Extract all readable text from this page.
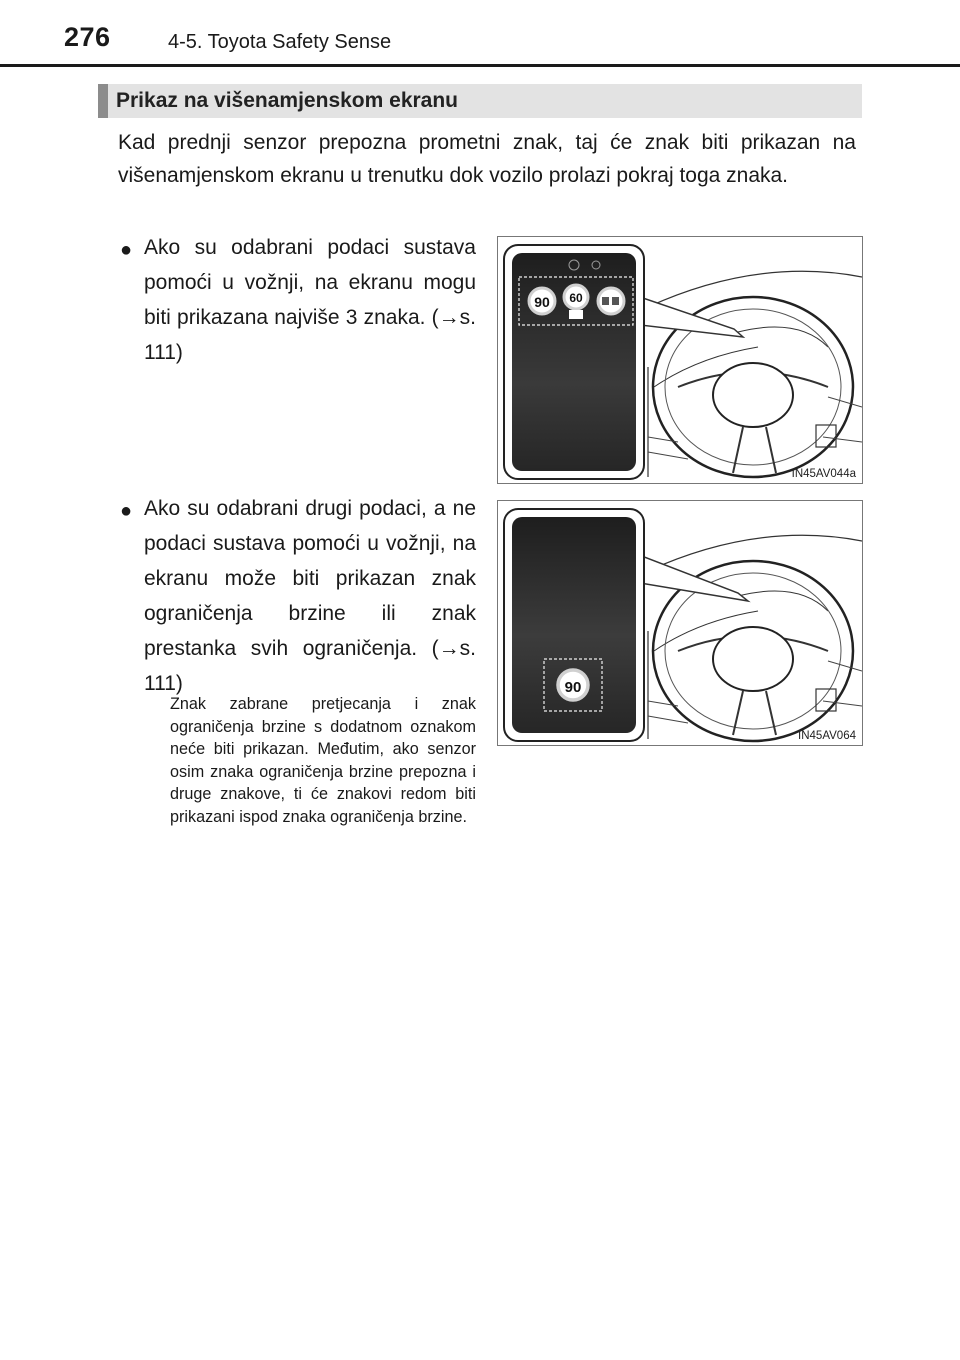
276	4-5. Toyota Safety Sense
Prikaz na višenamjenskom ekranu
Kad prednji senzor prepozna prometni znak, taj će znak biti prikazan na višenamjenskom ekranu u trenutku dok vozilo prolazi pokraj toga znaka.
● Ako su odabrani podaci sustava pomoći u vožnji, na ekranu mogu biti prikazana najviše 3 znaka. (→s. 111)
● Ako su odabrani drugi podaci, a ne podaci sustava pomoći u vožnji, na ekranu može biti prikazan znak ograničenja brzine ili znak prestanka svih ograničenja. (→s. 111)
Znak zabrane pretjecanja i znak ograničenja brzine s dodatnom oznakom neće biti prikazan. Međutim, ako senzor osim znaka ograničenja brzine prepozna i druge znakove, ti će znakovi redom biti prikazani ispod znaka ograničenja brzine.
90 60
IN45AV044a
90
IN45AV064
